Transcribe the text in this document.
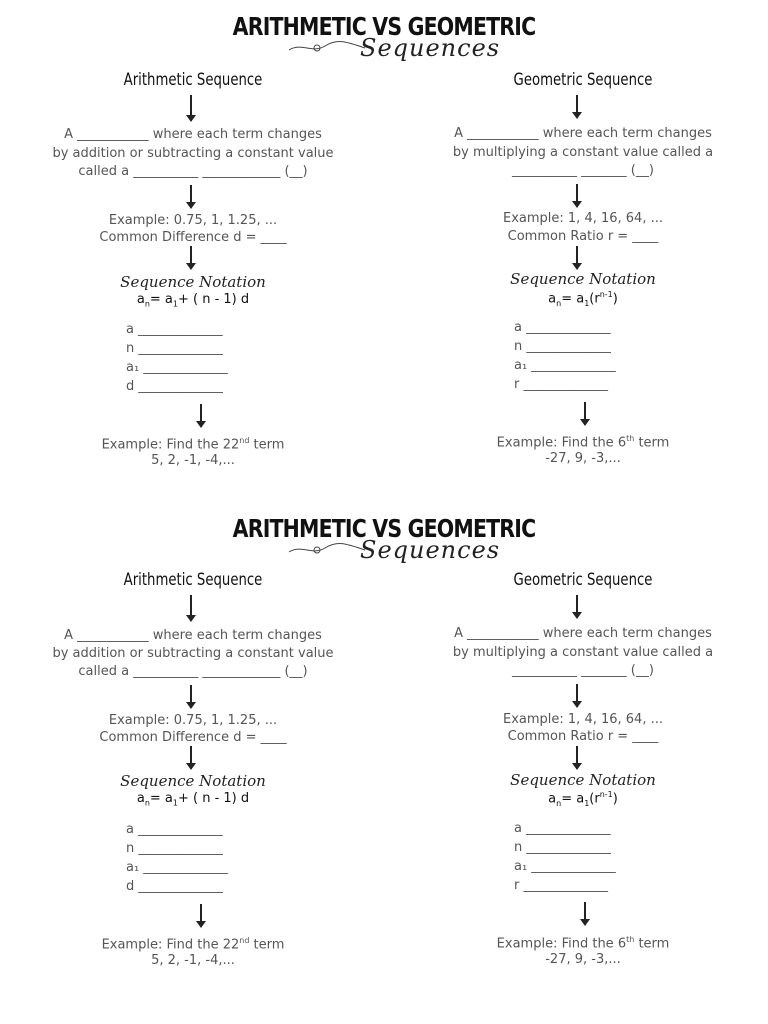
ARITHMETIC VS GEOMETRIC
Sequences
Arithmetic Sequence
A ___________ where each term changes
by addition or subtracting a constant value
called a __________ ____________ (__)
Example: 0.75, 1, 1.25, ...
Common Difference d = ____
Sequence Notation
$a_n= a_1+$ ( n - 1) d
a _____________
n _____________
a₁ _____________
d _____________
Example: Find the 22nd term
5, 2, -1, -4,...
Geometric Sequence
A ___________ where each term changes
by multiplying a constant value called a
__________ _______ (__)
Example: 1, 4, 16, 64, ...
Common Ratio r = ____
Sequence Notation
$a_n= a_1(r^{n-1})$
a _____________
n _____________
a₁ _____________
r _____________
Example: Find the 6th term
-27, 9, -3,...
ARITHMETIC VS GEOMETRIC
Sequences
Arithmetic Sequence
A ___________ where each term changes
by addition or subtracting a constant value
called a __________ ____________ (__)
Example: 0.75, 1, 1.25, ...
Common Difference d = ____
Sequence Notation
$a_n= a_1+$ ( n - 1) d
a _____________
n _____________
a₁ _____________
d _____________
Example: Find the 22nd term
5, 2, -1, -4,...
Geometric Sequence
A ___________ where each term changes
by multiplying a constant value called a
__________ _______ (__)
Example: 1, 4, 16, 64, ...
Common Ratio r = ____
Sequence Notation
$a_n= a_1(r^{n-1})$
a _____________
n _____________
a₁ _____________
r _____________
Example: Find the 6th term
-27, 9, -3,...
